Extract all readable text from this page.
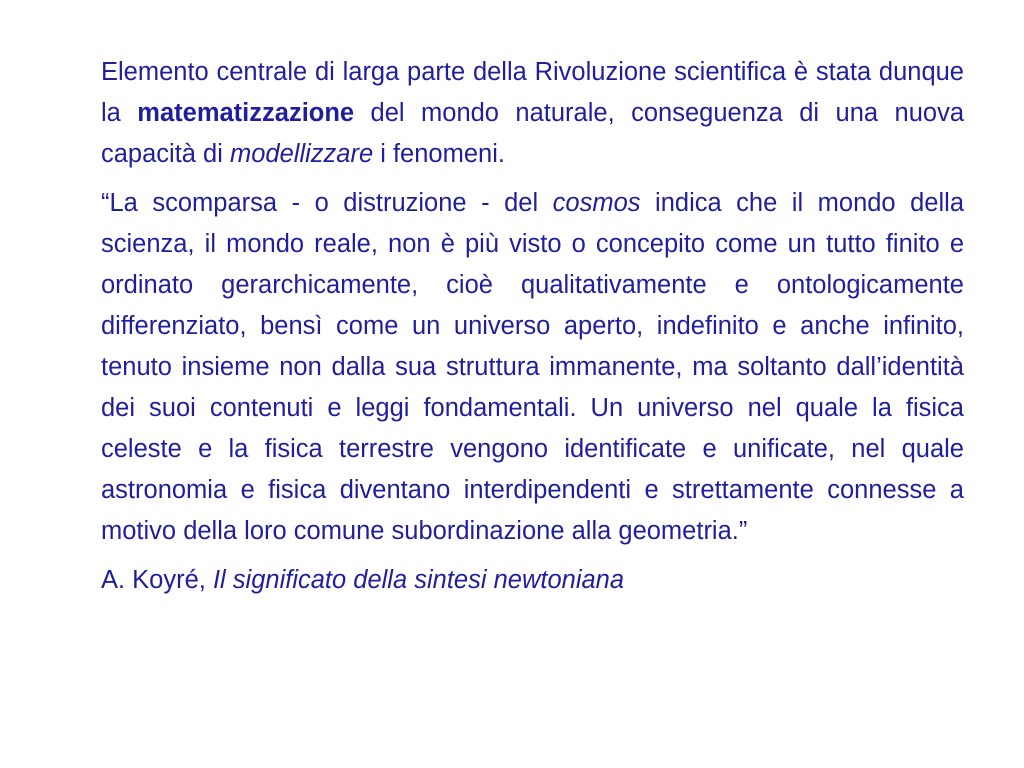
Elemento centrale di larga parte della Rivoluzione scientifica è stata dunque la matematizzazione del mondo naturale, conseguenza di una nuova capacità di modellizzare i fenomeni.

“La scomparsa - o distruzione - del cosmos indica che il mondo della scienza, il mondo reale, non è più visto o concepito come un tutto finito e ordinato gerarchicamente, cioè qualitativamente e ontologicamente differenziato, bensì come un universo aperto, indefinito e anche infinito, tenuto insieme non dalla sua struttura immanente, ma soltanto dall’identità dei suoi contenuti e leggi fondamentali. Un universo nel quale la fisica celeste e la fisica terrestre vengono identificate e unificate, nel quale astronomia e fisica diventano interdipendenti e strettamente connesse a motivo della loro comune subordinazione alla geometria.”

A. Koyré, Il significato della sintesi newtoniana
